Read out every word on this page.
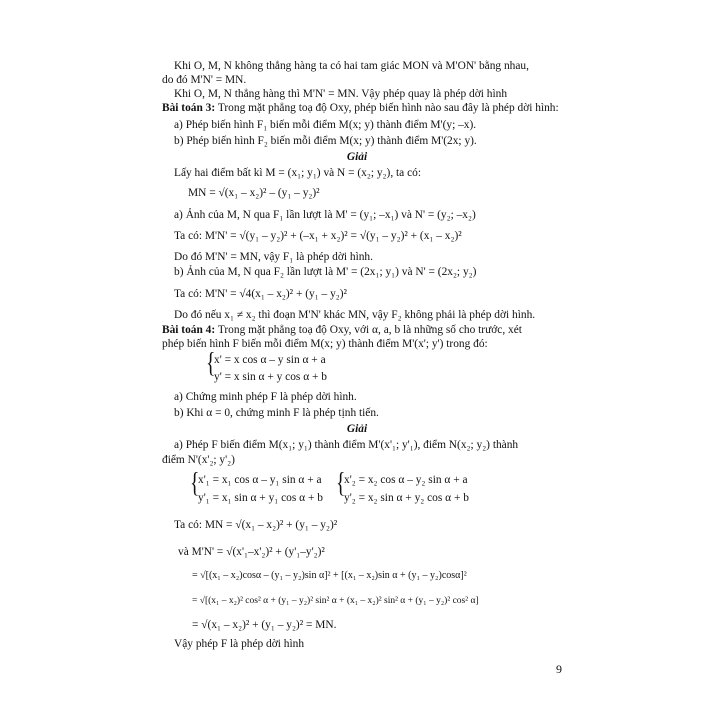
Khi O, M, N không thẳng hàng ta có hai tam giác MON và M'ON' bằng nhau,
do đó M'N' = MN.
Khi O, M, N thẳng hàng thì M'N' = MN. Vậy phép quay là phép dời hình
Bài toán 3: Trong mặt phẳng toạ độ Oxy, phép biến hình nào sau đây là phép dời hình:
a) Phép biến hình F₁ biến mỗi điểm M(x; y) thành điểm M'(y; –x).
b) Phép biến hình F₂ biến mỗi điểm M(x; y) thành điểm M'(2x; y).
Giải
Lấy hai điểm bất kì M = (x₁; y₁) và N = (x₂; y₂), ta có:
MN = √(x₁ – x₂)² – (y₁ – y₂)²
a) Ảnh của M, N qua F₁ lần lượt là M' = (y₁; –x₁) và N' = (y₂; –x₂)
Ta có: M'N' = √(y₁ – y₂)² + (–x₁ + x₂)² = √(y₁ – y₂)² + (x₁ – x₂)²
Do đó M'N' = MN, vậy F₁ là phép dời hình.
b) Ảnh của M, N qua F₂ lần lượt là M' = (2x₁; y₁) và N' = (2x₂; y₂)
Ta có: M'N' = √4(x₁ – x₂)² + (y₁ – y₂)²
Do đó nếu x₁ ≠ x₂ thì đoạn M'N' khác MN, vậy F₂ không phải là phép dời hình.
Bài toán 4: Trong mặt phẳng toạ độ Oxy, với α, a, b là những số cho trước, xét
phép biến hình F biến mỗi điểm M(x; y) thành điểm M'(x'; y') trong đó:
{
x' = x cos α – y sin α + a
y' = x sin α + y cos α + b
a) Chứng minh phép F là phép dời hình.
b) Khi α = 0, chứng minh F là phép tịnh tiến.
Giải
a) Phép F biến điểm M(x₁; y₁) thành điểm M'(x'₁; y'₁), điểm N(x₂; y₂) thành
điểm N'(x'₂; y'₂)
{
x'₁ = x₁ cos α – y₁ sin α + a
y'₁ = x₁ sin α + y₁ cos α + b {
x'₂ = x₂ cos α – y₂ sin α + a
y'₂ = x₂ sin α + y₂ cos α + b
Ta có: MN = √(x₁ – x₂)² + (y₁ – y₂)²
và M'N' = √(x'₁–x'₂)² + (y'₁–y'₂)²
= √[(x₁ – x₂)cosα – (y₁ – y₂)sin α]² + [(x₁ – x₂)sin α + (y₁ – y₂)cosα]²
= √[(x₁ – x₂)² cos² α + (y₁ – y₂)² sin² α + (x₁ – x₂)² sin² α + (y₁ – y₂)² cos² α]
= √(x₁ – x₂)² + (y₁ – y₂)² = MN.
Vậy phép F là phép dời hình
9
